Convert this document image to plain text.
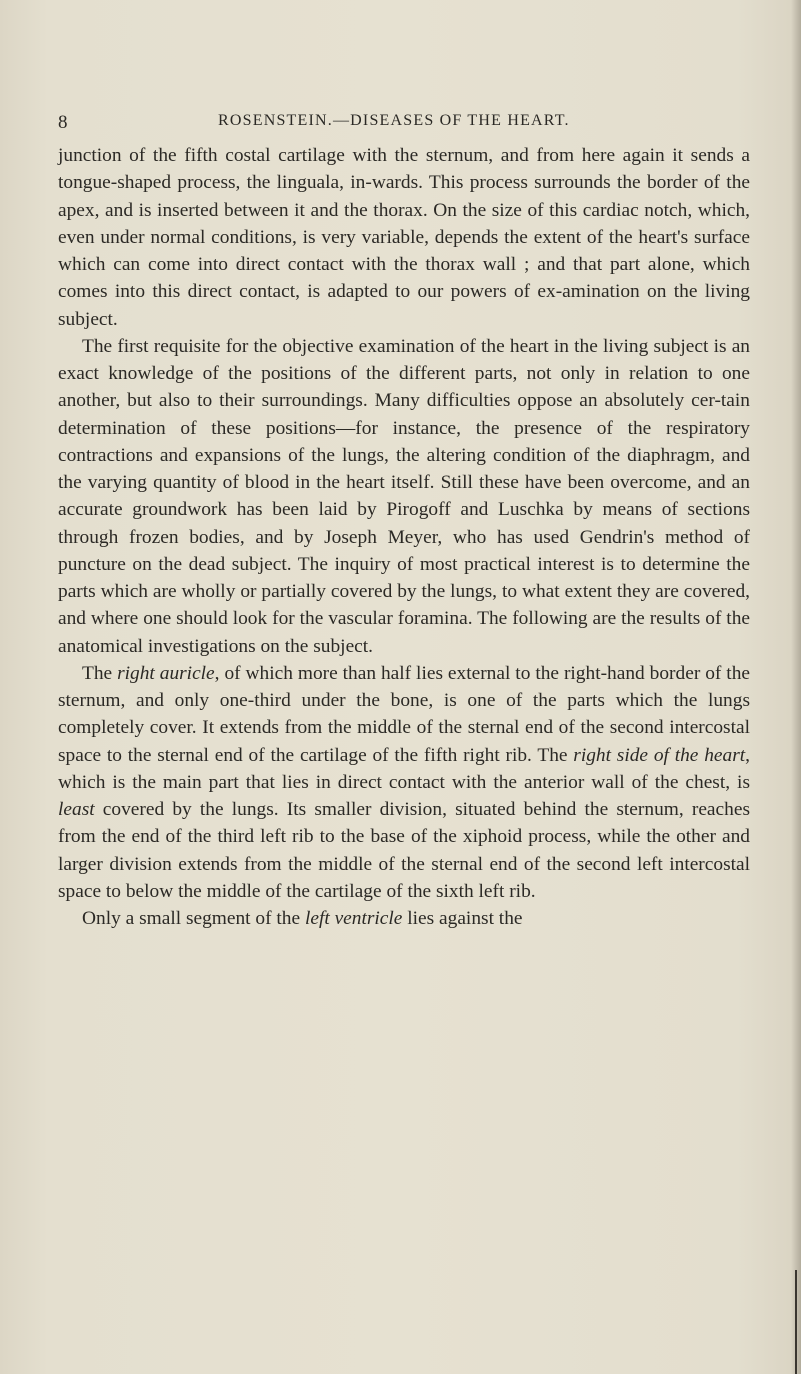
8	ROSENSTEIN.—DISEASES OF THE HEART.

junction of the fifth costal cartilage with the sternum, and from here again it sends a tongue-shaped process, the linguala, in-wards. This process surrounds the border of the apex, and is inserted between it and the thorax. On the size of this cardiac notch, which, even under normal conditions, is very variable, depends the extent of the heart's surface which can come into direct contact with the thorax wall ; and that part alone, which comes into this direct contact, is adapted to our powers of ex-amination on the living subject.

The first requisite for the objective examination of the heart in the living subject is an exact knowledge of the positions of the different parts, not only in relation to one another, but also to their surroundings. Many difficulties oppose an absolutely cer-tain determination of these positions—for instance, the presence of the respiratory contractions and expansions of the lungs, the altering condition of the diaphragm, and the varying quantity of blood in the heart itself. Still these have been overcome, and an accurate groundwork has been laid by Pirogoff and Luschka by means of sections through frozen bodies, and by Joseph Meyer, who has used Gendrin's method of puncture on the dead subject. The inquiry of most practical interest is to determine the parts which are wholly or partially covered by the lungs, to what extent they are covered, and where one should look for the vascular foramina. The following are the results of the anatomical investigations on the subject.

The right auricle, of which more than half lies external to the right-hand border of the sternum, and only one-third under the bone, is one of the parts which the lungs completely cover. It extends from the middle of the sternal end of the second intercostal space to the sternal end of the cartilage of the fifth right rib. The right side of the heart, which is the main part that lies in direct contact with the anterior wall of the chest, is least covered by the lungs. Its smaller division, situated behind the sternum, reaches from the end of the third left rib to the base of the xiphoid process, while the other and larger division extends from the middle of the sternal end of the second left intercostal space to below the middle of the cartilage of the sixth left rib.

Only a small segment of the left ventricle lies against the
